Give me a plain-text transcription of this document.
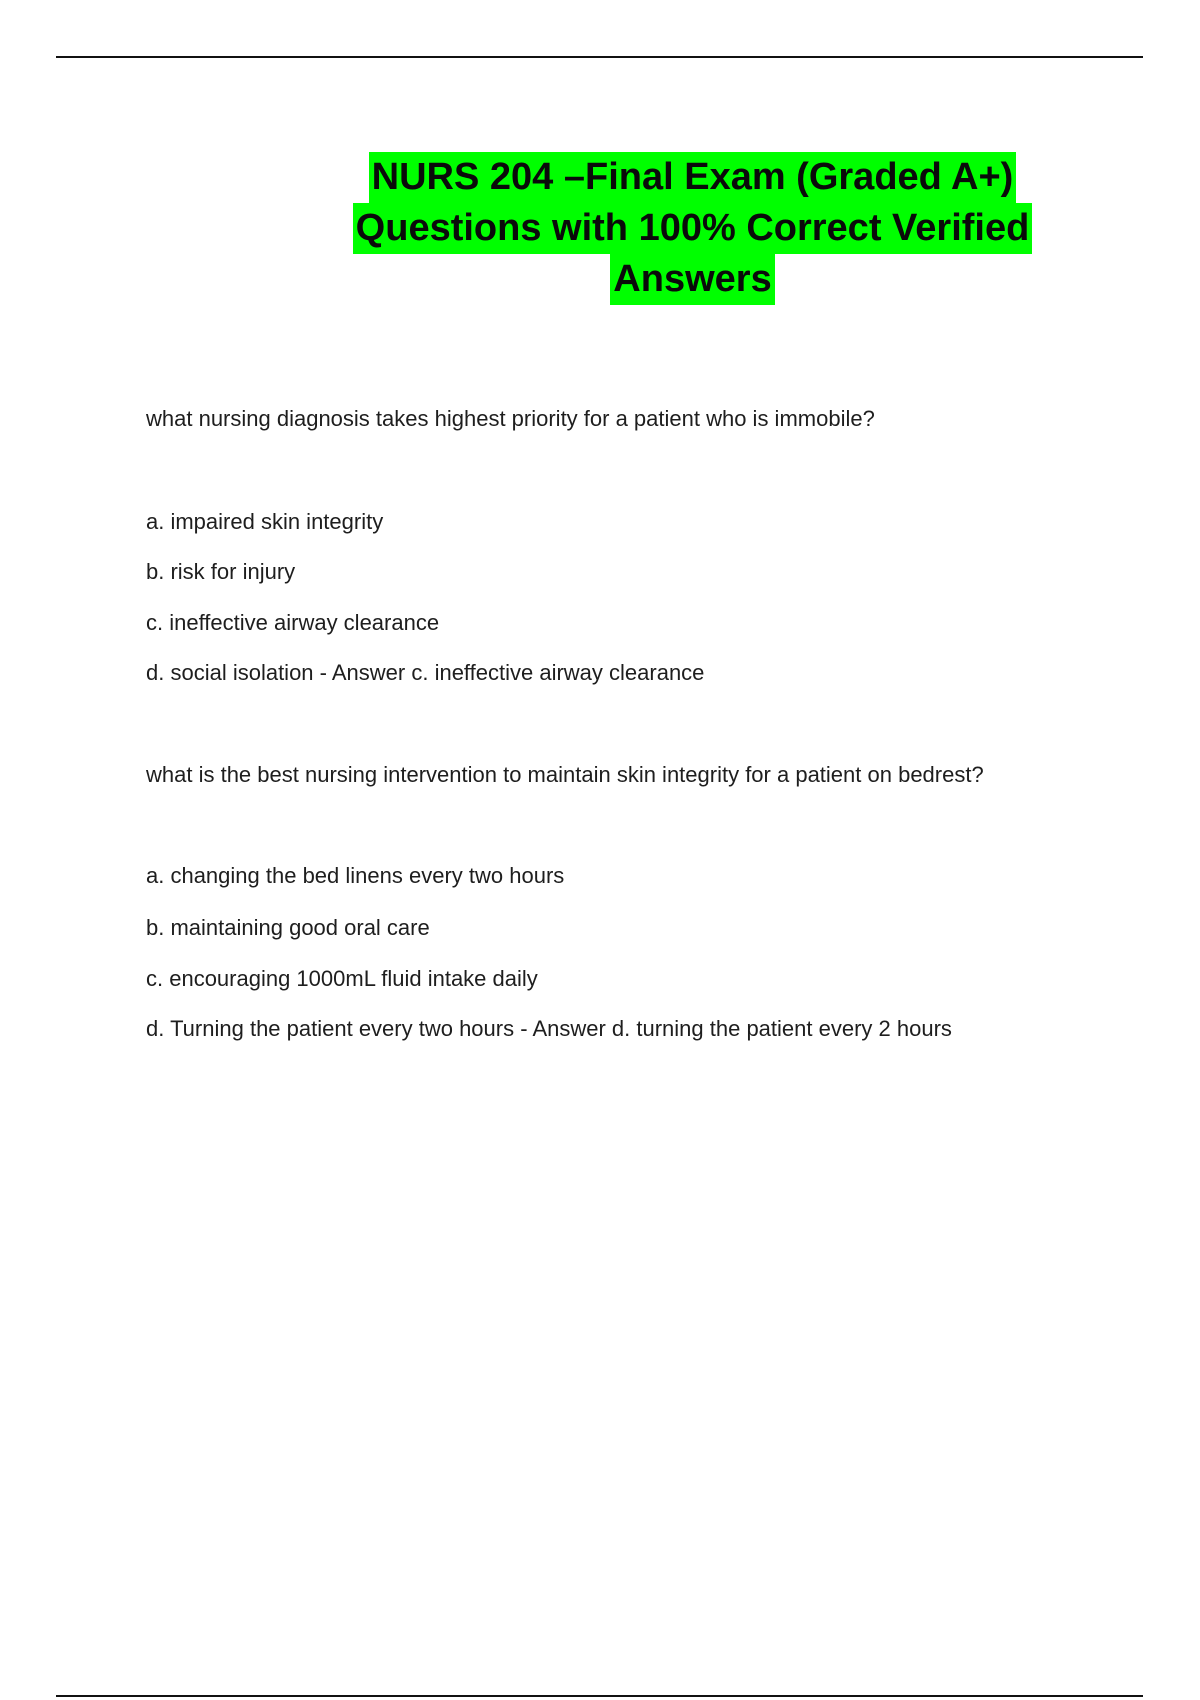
NURS 204 –Final Exam (Graded A+)
Questions with 100% Correct Verified
Answers
what nursing diagnosis takes highest priority for a patient who is immobile?
a. impaired skin integrity
b. risk for injury
c. ineffective airway clearance
d. social isolation - Answer c. ineffective airway clearance
what is the best nursing intervention to maintain skin integrity for a patient on bedrest?
a. changing the bed linens every two hours
b. maintaining good oral care
c. encouraging 1000mL fluid intake daily
d. Turning the patient every two hours - Answer d. turning the patient every 2 hours
